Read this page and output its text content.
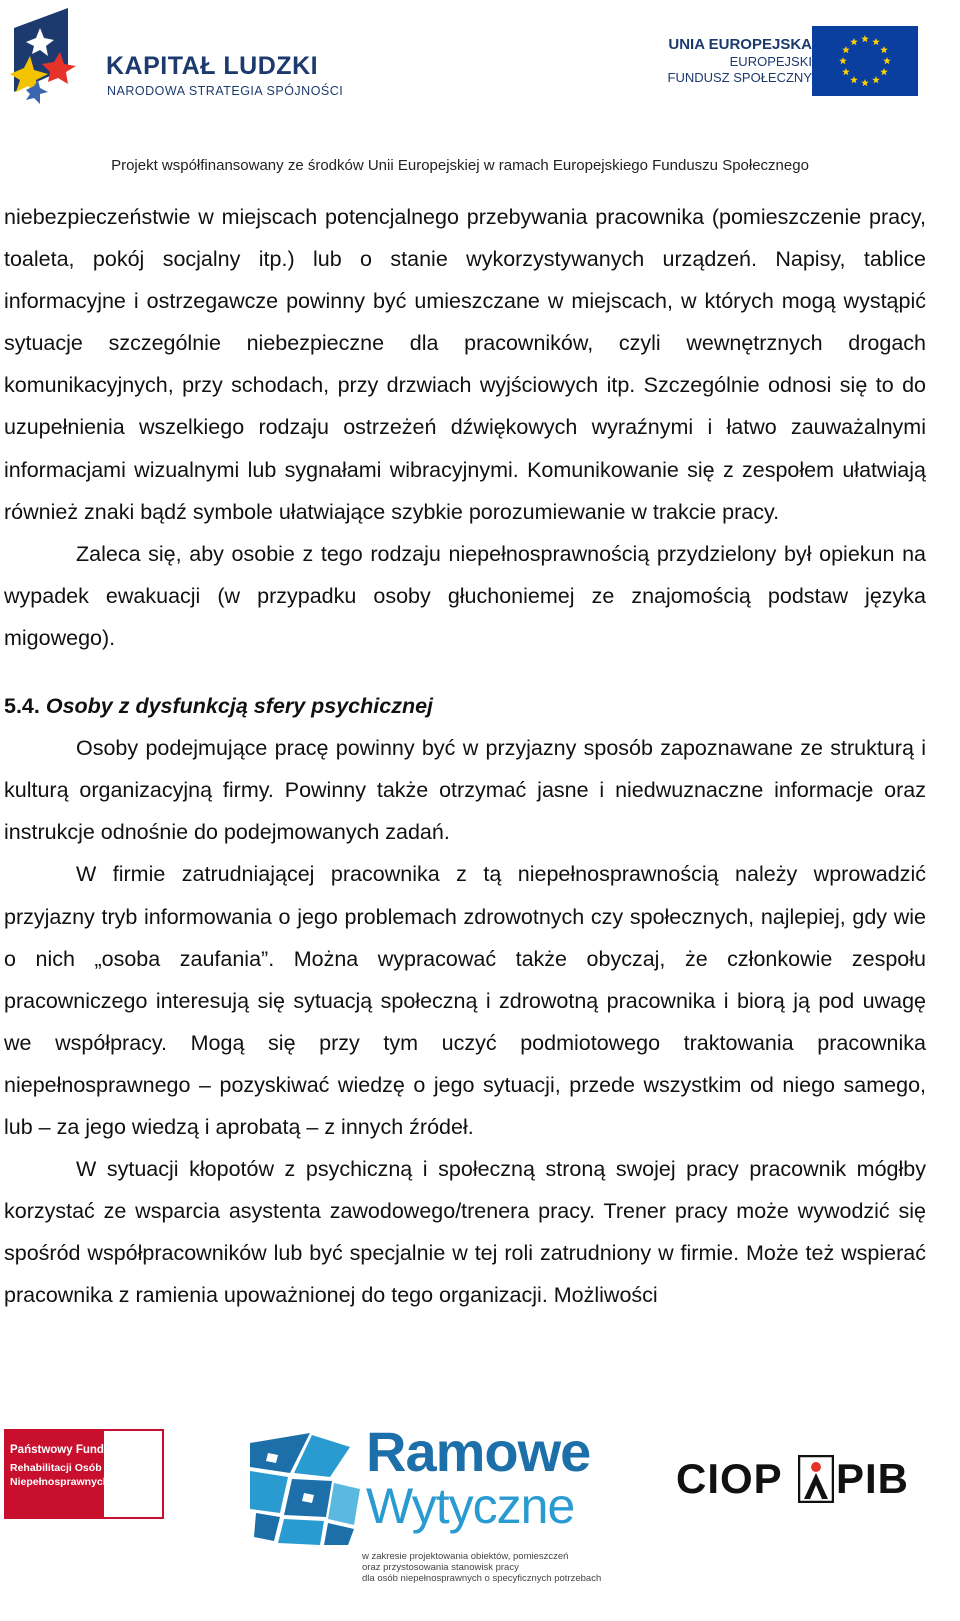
KAPITAŁ LUDZKI
NARODOWA STRATEGIA SPÓJNOŚCI
UNIA EUROPEJSKA
EUROPEJSKI
FUNDUSZ SPOŁECZNY
Projekt współfinansowany ze środków Unii Europejskiej w ramach Europejskiego Funduszu Społecznego

niebezpieczeństwie w miejscach potencjalnego przebywania pracownika (pomieszczenie pracy, toaleta, pokój socjalny itp.) lub o stanie wykorzystywanych urządzeń. Napisy, tablice informacyjne i ostrzegawcze powinny być umieszczane w miejscach, w których mogą wystąpić sytuacje szczególnie niebezpieczne dla pracowników, czyli wewnętrznych drogach komunikacyjnych, przy schodach, przy drzwiach wyjściowych itp. Szczególnie odnosi się to do uzupełnienia wszelkiego rodzaju ostrzeżeń dźwiękowych wyraźnymi i łatwo zauważalnymi informacjami wizualnymi lub sygnałami wibracyjnymi. Komunikowanie się z zespołem ułatwiają również znaki bądź symbole ułatwiające szybkie porozumiewanie w trakcie pracy.

Zaleca się, aby osobie z tego rodzaju niepełnosprawnością przydzielony był opiekun na wypadek ewakuacji (w przypadku osoby głuchoniemej ze znajomością podstaw języka migowego).

5.4. Osoby z dysfunkcją sfery psychicznej

Osoby podejmujące pracę powinny być w przyjazny sposób zapoznawane ze strukturą i kulturą organizacyjną firmy. Powinny także otrzymać jasne i niedwuznaczne informacje oraz instrukcje odnośnie do podejmowanych zadań.

W firmie zatrudniającej pracownika z tą niepełnosprawnością należy wprowadzić przyjazny tryb informowania o jego problemach zdrowotnych czy społecznych, najlepiej, gdy wie o nich „osoba zaufania”. Można wypracować także obyczaj, że członkowie zespołu pracowniczego interesują się sytuacją społeczną i zdrowotną pracownika i biorą ją pod uwagę we współpracy. Mogą się przy tym uczyć podmiotowego traktowania pracownika niepełnosprawnego – pozyskiwać wiedzę o jego sytuacji, przede wszystkim od niego samego, lub – za jego wiedzą i aprobatą – z innych źródeł.

W sytuacji kłopotów z psychiczną i społeczną stroną swojej pracy pracownik mógłby korzystać ze wsparcia asystenta zawodowego/trenera pracy. Trener pracy może wywodzić się spośród współpracowników lub być specjalnie w tej roli zatrudniony w firmie. Może też wspierać pracownika z ramienia upoważnionej do tego organizacji. Możliwości

Państwowy Fundusz
Rehabilitacji Osób
Niepełnosprawnych	Ramowe
Wytyczne
w zakresie projektowania obiektów, pomieszczeń
oraz przystosowania stanowisk pracy
dla osób niepełnosprawnych o specyficznych potrzebach
CIOP PIB
